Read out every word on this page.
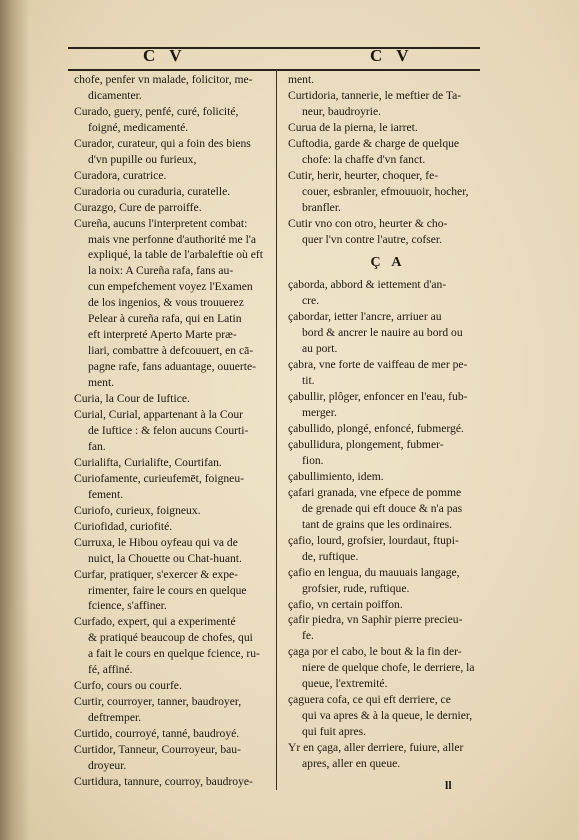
C V	C V
chofe, penfer vn malade, folicitor, me-
dicamenter.
Curado, guery, penfé, curé, folicité,
foigné, medicamenté.
Curador, curateur, qui a foin des biens
d'vn pupille ou furieux,
Curadora, curatrice.
Curadoria ou curaduria, curatelle.
Curazgo, Cure de parroiffe.
Cureña, aucuns l'interpretent combat:
mais vne perfonne d'authorité me l'a
expliqué, la table de l'arbaleftie où eft
la noix: A Cureña rafa, fans au-
cun empefchement voyez l'Examen
de los ingenios, & vous trouuerez
Pelear à cureña rafa, qui en Latin
eft interpreté Aperto Marte præ-
liari, combattre à defcouuert, en cā-
pagne rafe, fans aduantage, ouuerte-
ment.
Curia, la Cour de Iuftice.
Curial, Curial, appartenant à la Cour
de Iuftice : & felon aucuns Courti-
fan.
Curialifta, Curialifte, Courtifan.
Curiofamente, curieufemēt, foigneu-
fement.
Curiofo, curieux, foigneux.
Curiofidad, curiofité.
Curruxa, le Hibou oyfeau qui va de
nuict, la Chouette ou Chat-huant.
Curfar, pratiquer, s'exercer & expe-
rimenter, faire le cours en quelque
fcience, s'affiner.
Curfado, expert, qui a experimenté
& pratiqué beaucoup de chofes, qui
a fait le cours en quelque fcience, ru-
fé, affiné.
Curfo, cours ou courfe.
Curtir, courroyer, tanner, baudroyer,
deftremper.
Curtido, courroyé, tanné, baudroyé.
Curtidor, Tanneur, Courroyeur, bau-
droyeur.
Curtidura, tannure, courroy, baudroye-
ment.
Curtidoria, tannerie, le meftier de Ta-
neur, baudroyrie.
Curua de la pierna, le iarret.
Cuftodia, garde & charge de quelque
chofe: la chaffe d'vn fanct.
Cutir, herir, heurter, choquer, fe-
couer, esbranler, efmouuoir, hocher,
branfler.
Cutir vno con otro, heurter & cho-
quer l'vn contre l'autre, cofser.
Ç A
çaborda, abbord & iettement d'an-
cre.
çabordar, ietter l'ancre, arriuer au
bord & ancrer le nauire au bord ou
au port.
çabra, vne forte de vaiffeau de mer pe-
tit.
çabullir, plôger, enfoncer en l'eau, fub-
merger.
çabullido, plongé, enfoncé, fubmergé.
çabullidura, plongement, fubmer-
fion.
çabullimiento, idem.
çafari granada, vne efpece de pomme
de grenade qui eft douce & n'a pas
tant de grains que les ordinaires.
çafio, lourd, grofsier, lourdaut, ftupi-
de, ruftique.
çafio en lengua, du mauuais langage,
grofsier, rude, ruftique.
çafio, vn certain poiffon.
çafir piedra, vn Saphir pierre precieu-
fe.
çaga por el cabo, le bout & la fin der-
niere de quelque chofe, le derriere, la
queue, l'extremité.
çaguera cofa, ce qui eft derriere, ce
qui va apres & à la queue, le dernier,
qui fuit apres.
Yr en çaga, aller derriere, fuiure, aller
apres, aller en queue.
ll
